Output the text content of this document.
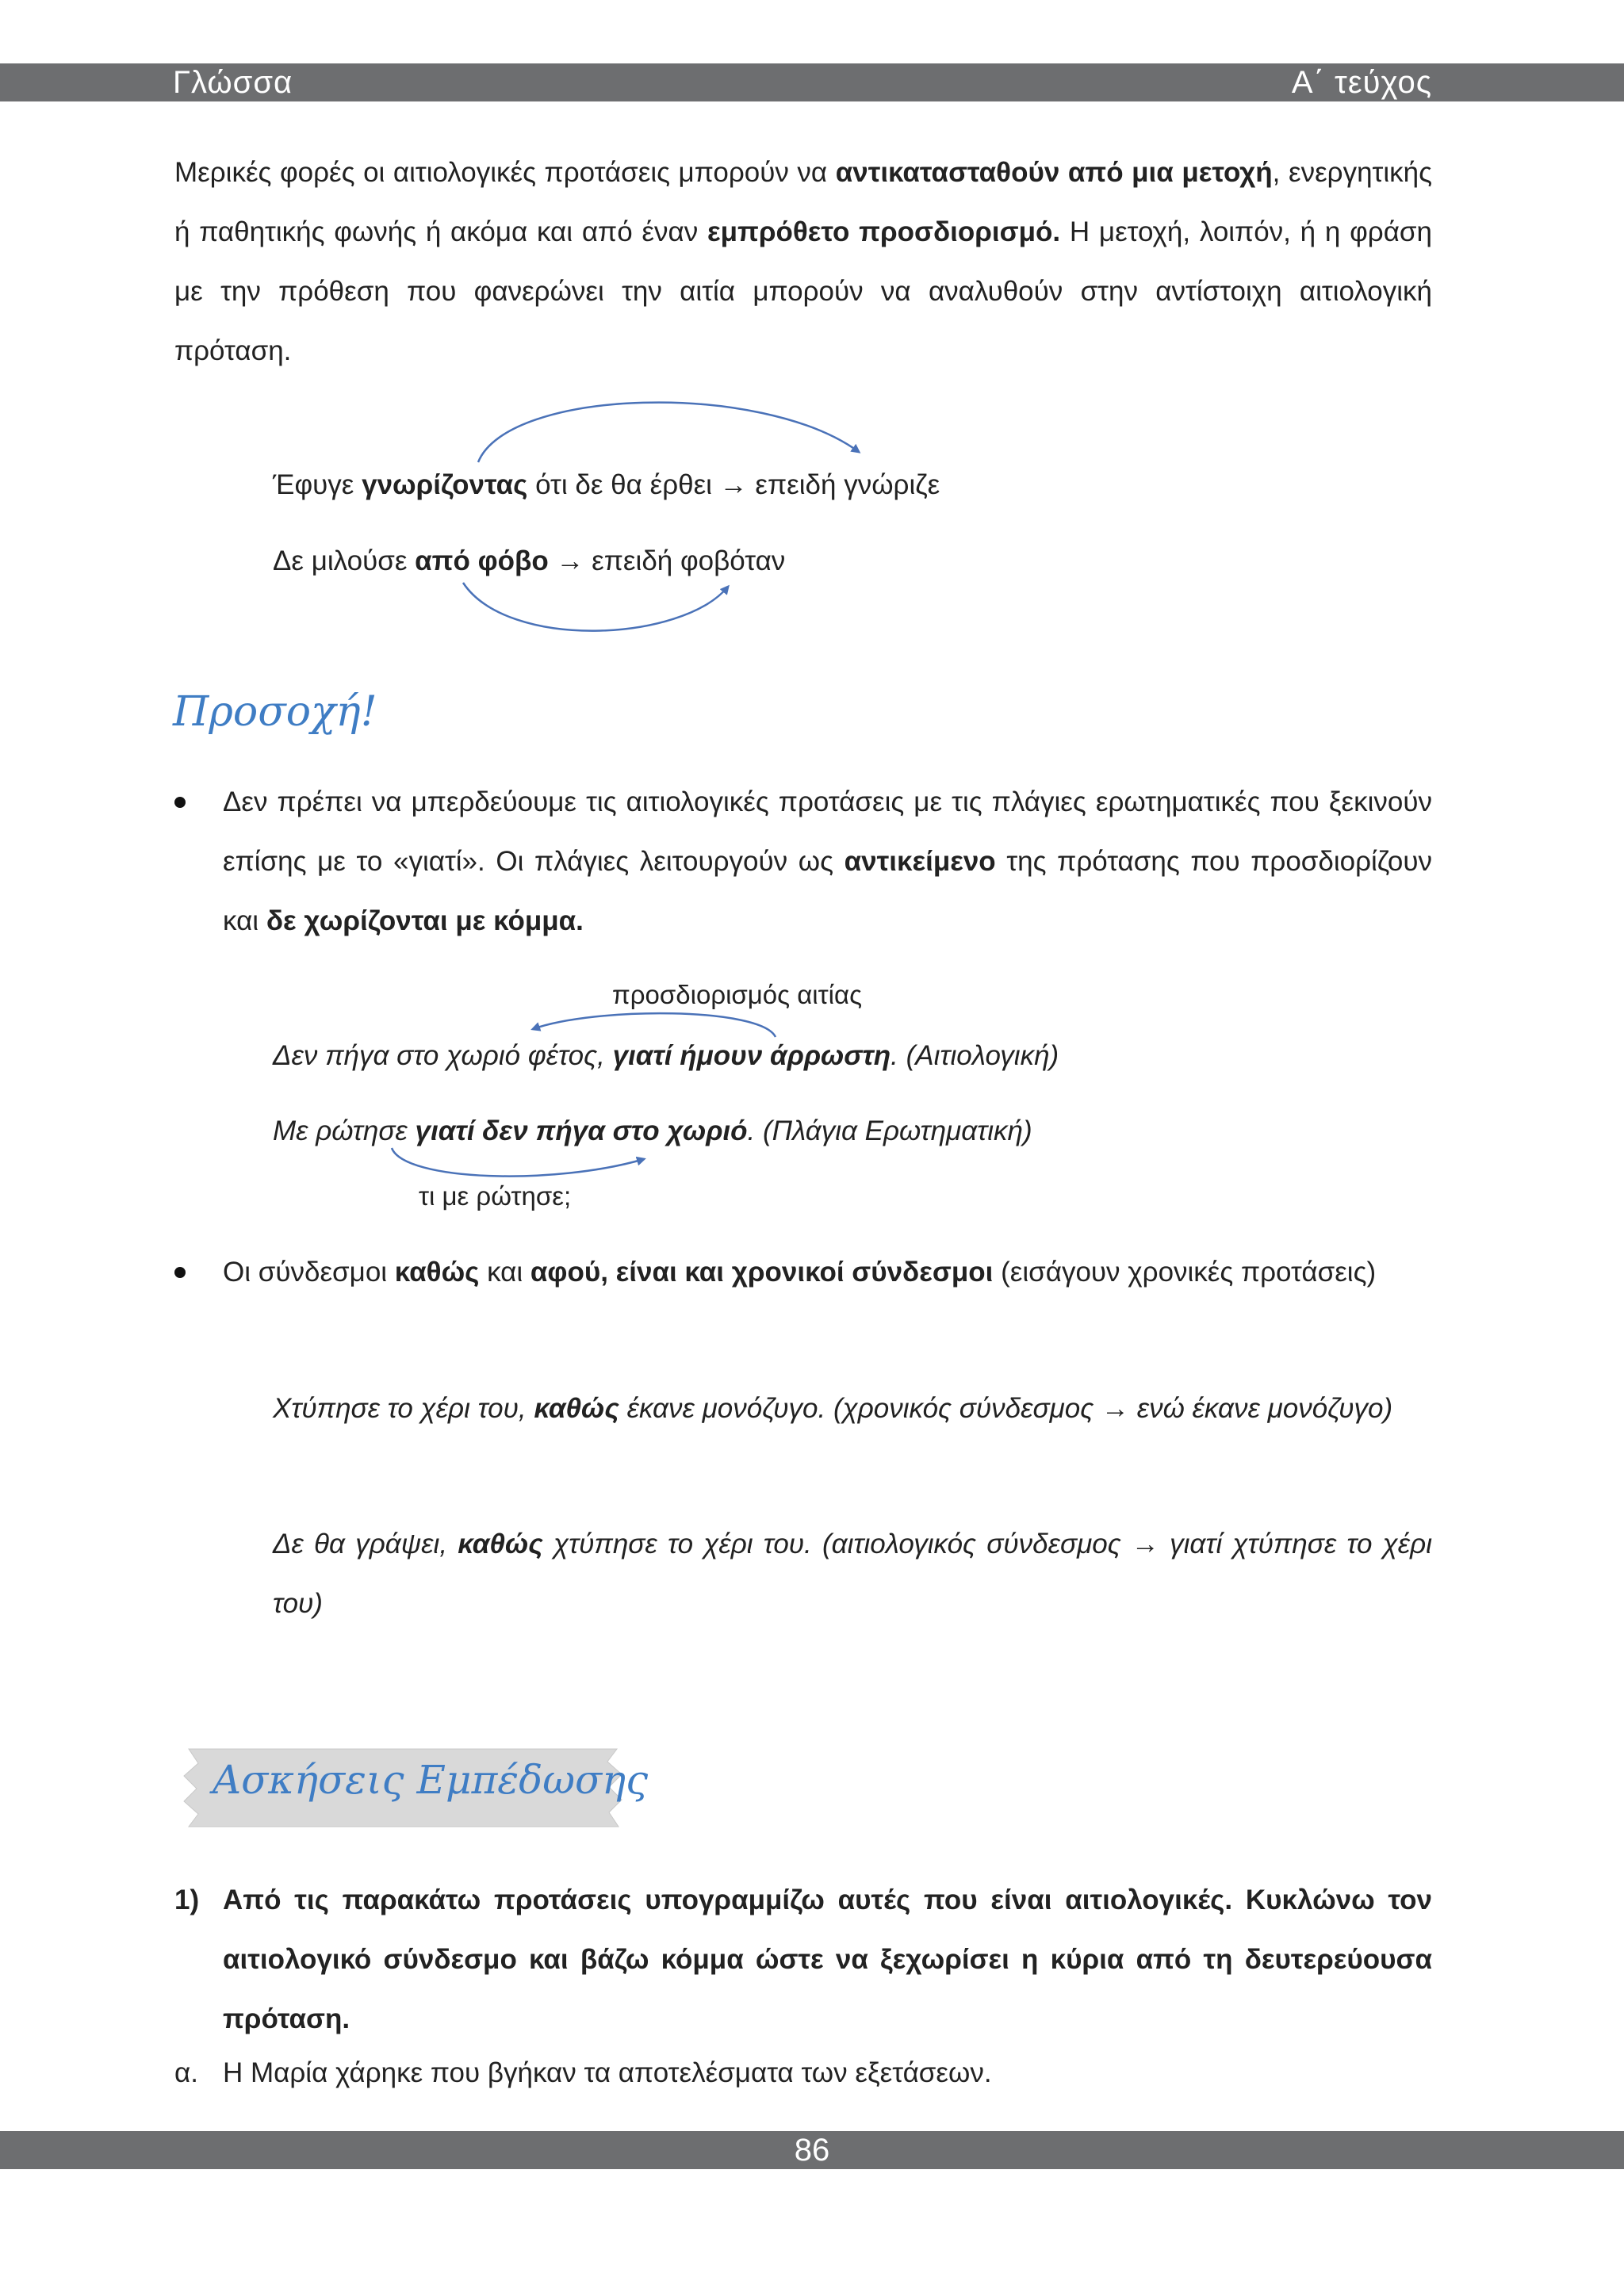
Γλώσσα	Α΄ τεύχος
Μερικές φορές οι αιτιολογικές προτάσεις μπορούν να αντικατασταθούν από μια μετοχή, ενεργητικής ή παθητικής φωνής ή ακόμα και από έναν εμπρόθετο προσδιορισμό. Η μετοχή, λοιπόν, ή η φράση με την πρόθεση που φανερώνει την αιτία μπορούν να αναλυθούν στην αντίστοιχη αιτιολογική πρόταση.
Έφυγε γνωρίζοντας ότι δε θα έρθει → επειδή γνώριζε
Δε μιλούσε από φόβο → επειδή φοβόταν
Προσοχή!
Δεν πρέπει να μπερδεύουμε τις αιτιολογικές προτάσεις με τις πλάγιες ερωτηματικές που ξεκινούν επίσης με το «γιατί». Οι πλάγιες λειτουργούν ως αντικείμενο της πρότασης που προσδιορίζουν και δε χωρίζονται με κόμμα.
προσδιορισμός αιτίας
Δεν πήγα στο χωριό φέτος, γιατί ήμουν άρρωστη. (Αιτιολογική)
Με ρώτησε γιατί δεν πήγα στο χωριό. (Πλάγια Ερωτηματική)
τι με ρώτησε;
Οι σύνδεσμοι καθώς και αφού, είναι και χρονικοί σύνδεσμοι (εισάγουν χρονικές προτάσεις)
Χτύπησε το χέρι του, καθώς έκανε μονόζυγο. (χρονικός σύνδεσμος → ενώ έκανε μονόζυγο)
Δε θα γράψει, καθώς χτύπησε το χέρι του. (αιτιολογικός σύνδεσμος → γιατί χτύπησε το χέρι του)
Ασκήσεις Εμπέδωσης
1) Από τις παρακάτω προτάσεις υπογραμμίζω αυτές που είναι αιτιολογικές. Κυκλώνω τον αιτιολογικό σύνδεσμο και βάζω κόμμα ώστε να ξεχωρίσει η κύρια από τη δευτερεύουσα πρόταση.
α. Η Μαρία χάρηκε που βγήκαν τα αποτελέσματα των εξετάσεων.
86
